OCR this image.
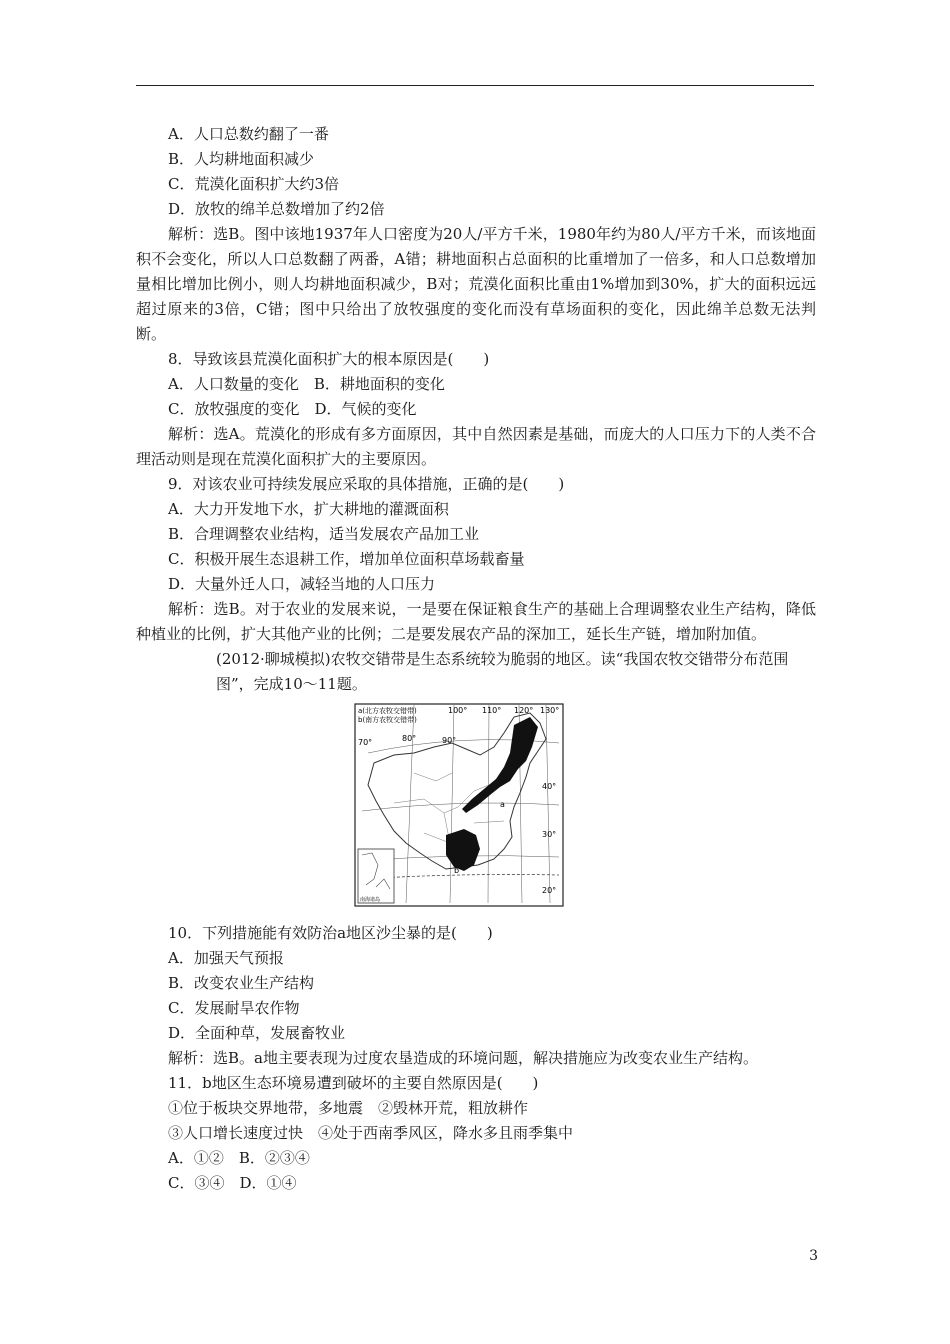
A．人口总数约翻了一番
B．人均耕地面积减少
C．荒漠化面积扩大约3倍
D．放牧的绵羊总数增加了约2倍
解析：选B。图中该地1937年人口密度为20人/平方千米，1980年约为80人/平方千米，而该地面积不会变化，所以人口总数翻了两番，A错；耕地面积占总面积的比重增加了一倍多，和人口总数增加量相比增加比例小，则人均耕地面积减少，B对；荒漠化面积比重由1%增加到30%，扩大的面积远远超过原来的3倍，C错；图中只给出了放牧强度的变化而没有草场面积的变化，因此绵羊总数无法判断。
8．导致该县荒漠化面积扩大的根本原因是(　　)
A．人口数量的变化　B．耕地面积的变化
C．放牧强度的变化　D．气候的变化
解析：选A。荒漠化的形成有多方面原因，其中自然因素是基础，而庞大的人口压力下的人类不合理活动则是现在荒漠化面积扩大的主要原因。
9．对该农业可持续发展应采取的具体措施，正确的是(　　)
A．大力开发地下水，扩大耕地的灌溉面积
B．合理调整农业结构，适当发展农产品加工业
C．积极开展生态退耕工作，增加单位面积草场载畜量
D．大量外迁人口，减轻当地的人口压力
解析：选B。对于农业的发展来说，一是要在保证粮食生产的基础上合理调整农业生产结构，降低种植业的比例，扩大其他产业的比例；二是要发展农产品的深加工，延长生产链，增加附加值。
(2012·聊城模拟)农牧交错带是生态系统较为脆弱的地区。读“我国农牧交错带分布范围图”，完成10～11题。
a(北方农牧交错带)
b(南方农牧交错带)
100° 110° 120° 130°
70°	80°	90°
40°
30°
20°
a
b
南海诸岛
10．下列措施能有效防治a地区沙尘暴的是(　　)
A．加强天气预报
B．改变农业生产结构
C．发展耐旱农作物
D．全面种草，发展畜牧业
解析：选B。a地主要表现为过度农垦造成的环境问题，解决措施应为改变农业生产结构。
11．b地区生态环境易遭到破坏的主要自然原因是(　　)
①位于板块交界地带，多地震　②毁林开荒，粗放耕作
③人口增长速度过快　④处于西南季风区，降水多且雨季集中
A．①②　B．②③④
C．③④　D．①④
3
